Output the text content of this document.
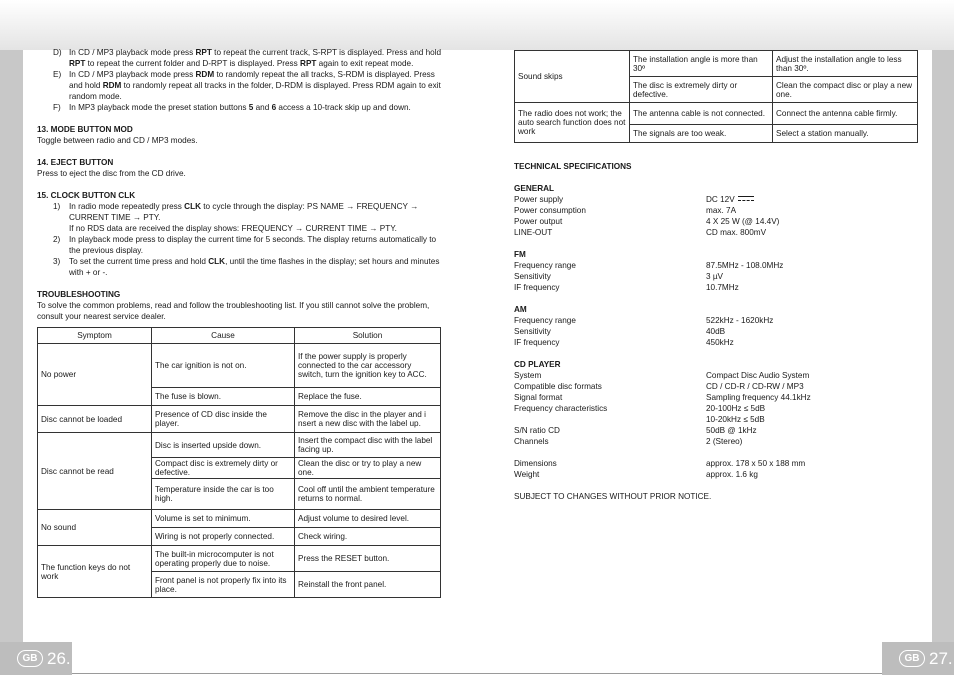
GB 26.	GB 27.
D) In CD / MP3 playback mode press RPT to repeat the current track, S-RPT is displayed. Press and hold RPT to repeat the current folder and D-RPT is displayed. Press RPT again to exit repeat mode.
E) In CD / MP3 playback mode press RDM to randomly repeat the all tracks, S-RDM is displayed. Press and hold RDM to randomly repeat all tracks in the folder, D-RDM is displayed. Press RDM again to exit random mode.
F) In MP3 playback mode the preset station buttons 5 and 6 access a 10-track skip up and down.
13. MODE BUTTON MOD
Toggle between radio and CD / MP3 modes.
14. EJECT BUTTON
Press to eject the disc from the CD drive.
15. CLOCK BUTTON CLK
1) In radio mode repeatedly press CLK to cycle through the display: PS NAME → FREQUENCY → CURRENT TIME → PTY.
If no RDS data are received the display shows: FREQUENCY → CURRENT TIME → PTY.
2) In playback mode press to display the current time for 5 seconds. The display returns automatically to the previous display.
3) To set the current time press and hold CLK, until the time flashes in the display; set hours and minutes with + or -.
TROUBLESHOOTING
To solve the common problems, read and follow the troubleshooting list. If you still cannot solve the problem, consult your nearest service dealer.
Symptom	Cause	Solution
No power	The car ignition is not on.	If the power supply is properly connected to the car accessory switch, turn the ignition key to ACC.
	The fuse is blown.	Replace the fuse.
Disc cannot be loaded	Presence of CD disc inside the player.	Remove the disc in the player and i nsert a new disc with the label up.
Disc cannot be read	Disc is inserted upside down.	Insert the compact disc with the label facing up.
	Compact disc is extremely dirty or defective.	Clean the disc or try to play a new one.
	Temperature inside the car is too high.	Cool off until the ambient temperature returns to normal.
No sound	Volume is set to minimum.	Adjust volume to desired level.
	Wiring is not properly connected.	Check wiring.
The function keys do not work	The built-in microcomputer is not operating properly due to noise.	Press the RESET button.
	Front panel is not properly fix into its place.	Reinstall the front panel.
Sound skips	The installation angle is more than 30º	Adjust the installation angle to less than 30º.
	The disc is extremely dirty or defective.	Clean the compact disc or play a new one.
The radio does not work; the auto search function does not work	The antenna cable is not connected.	Connect the antenna cable firmly.
	The signals are too weak.	Select a station manually.
TECHNICAL SPECIFICATIONS
GENERAL
Power supply	DC 12V
Power consumption	max. 7A
Power output	4 X 25 W (@ 14.4V)
LINE-OUT	CD max. 800mV
FM
Frequency range	87.5MHz - 108.0MHz
Sensitivity	3 µV
IF frequency	10.7MHz
AM
Frequency range	522kHz - 1620kHz
Sensitivity	40dB
IF frequency	450kHz
CD PLAYER
System	Compact Disc Audio System
Compatible disc formats	CD / CD-R / CD-RW / MP3
Signal format	Sampling frequency 44.1kHz
Frequency characteristics	20-100Hz ≤ 5dB
10-20kHz ≤ 5dB
S/N ratio CD	50dB @ 1kHz
Channels	2 (Stereo)
Dimensions	approx. 178 x 50 x 188 mm
Weight	approx. 1.6 kg
SUBJECT TO CHANGES WITHOUT PRIOR NOTICE.
